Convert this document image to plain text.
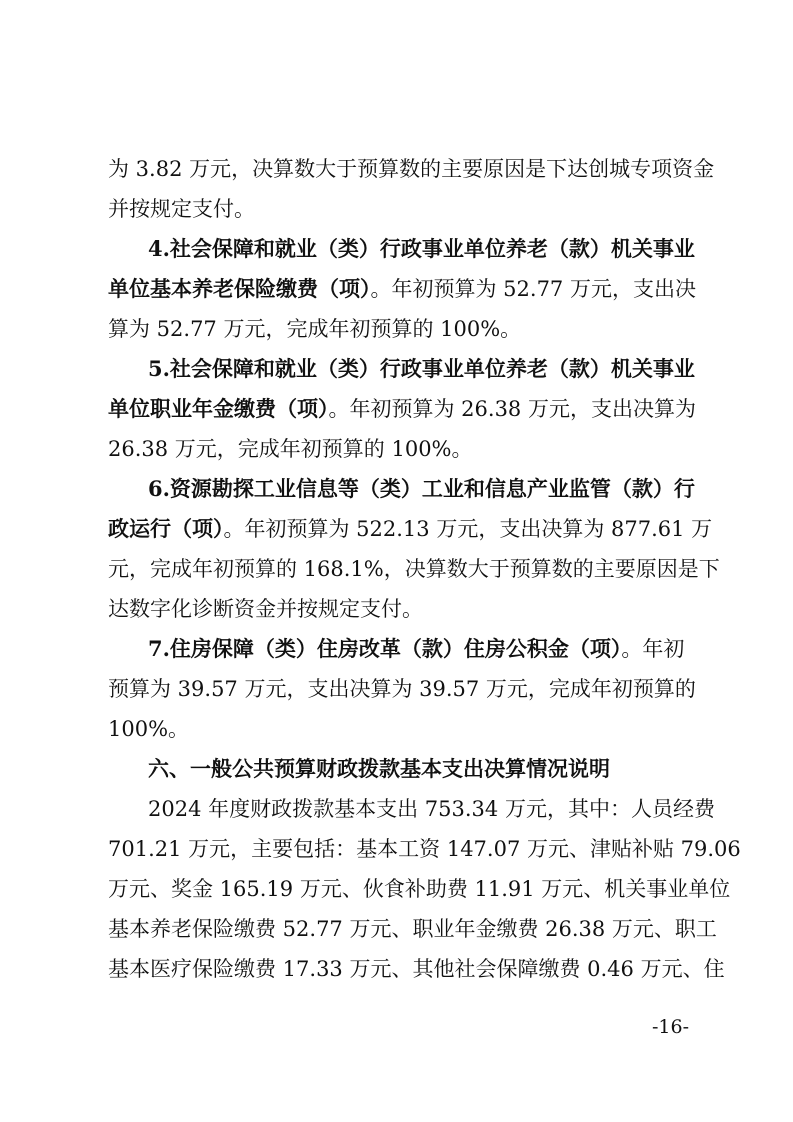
为 3.82 万元，决算数大于预算数的主要原因是下达创城专项资金
并按规定支付。
4.社会保障和就业（类）行政事业单位养老（款）机关事业
单位基本养老保险缴费（项）。年初预算为 52.77 万元，支出决
算为 52.77 万元，完成年初预算的 100%。
5.社会保障和就业（类）行政事业单位养老（款）机关事业
单位职业年金缴费（项）。年初预算为 26.38 万元，支出决算为
26.38 万元，完成年初预算的 100%。
6.资源勘探工业信息等（类）工业和信息产业监管（款）行
政运行（项）。年初预算为 522.13 万元，支出决算为 877.61 万
元，完成年初预算的 168.1%，决算数大于预算数的主要原因是下
达数字化诊断资金并按规定支付。
7.住房保障（类）住房改革（款）住房公积金（项）。年初
预算为 39.57 万元，支出决算为 39.57 万元，完成年初预算的
100%。
六、一般公共预算财政拨款基本支出决算情况说明
2024 年度财政拨款基本支出 753.34 万元，其中：人员经费
701.21 万元，主要包括：基本工资 147.07 万元、津贴补贴 79.06
万元、奖金 165.19 万元、伙食补助费 11.91 万元、机关事业单位
基本养老保险缴费 52.77 万元、职业年金缴费 26.38 万元、职工
基本医疗保险缴费 17.33 万元、其他社会保障缴费 0.46 万元、住
-16-
